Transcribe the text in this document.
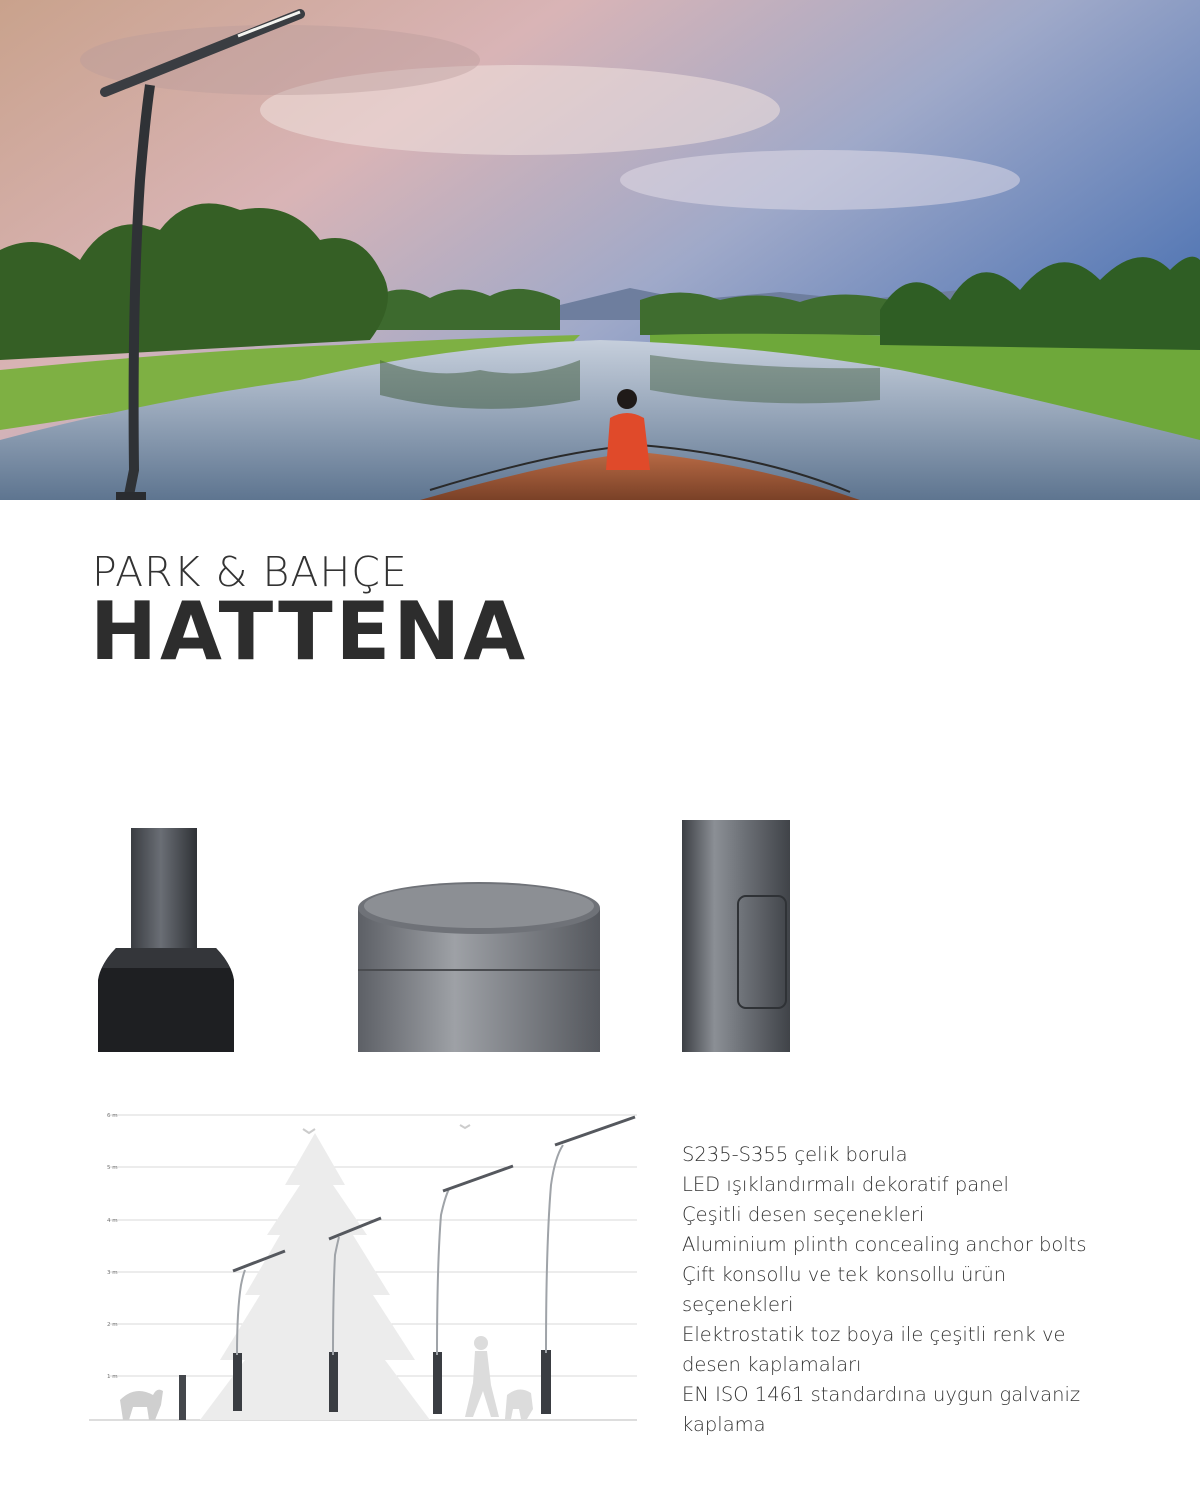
PARK & BAHÇE
HATTENA
6 m
5 m
4 m
3 m
2 m
1 m
S235-S355 çelik borula
LED ışıklandırmalı dekoratif panel
Çeşitli desen seçenekleri
Aluminium plinth concealing anchor bolts
Çift konsollu ve tek konsollu ürün
seçenekleri
Elektrostatik toz boya ile çeşitli renk ve
desen kaplamaları
EN ISO 1461 standardına uygun galvaniz
kaplama
